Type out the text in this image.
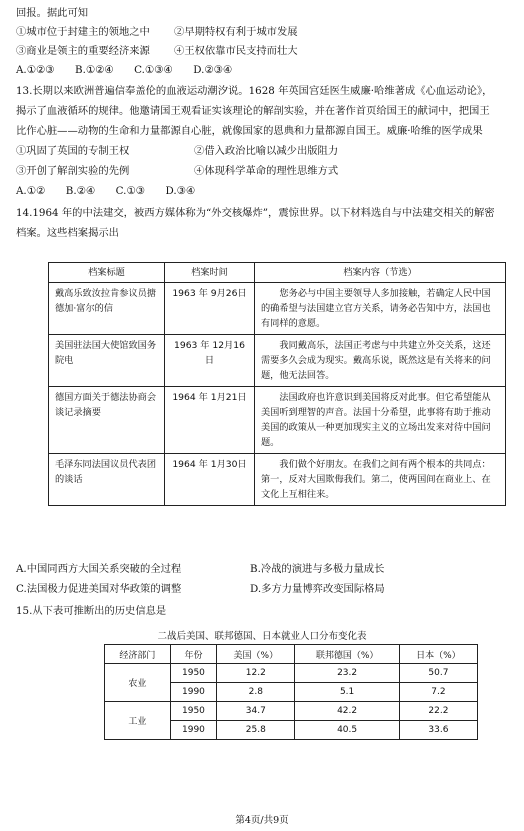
回报。据此可知
①城市位于封建主的领地之中 ②早期特权有利于城市发展
③商业是领主的重要经济来源 ④王权依靠市民支持而壮大
A.①②③　　B.①②④　　C.①③④　　D.②③④
13.长期以来欧洲普遍信奉盖伦的血液运动潮汐说。1628 年英国宫廷医生威廉·哈维著成《心血运动论》，
揭示了血液循环的规律。他邀请国王观看证实该理论的解剖实验，并在著作首页给国王的献词中，把国王
比作心脏——动物的生命和力量都源自心脏，就像国家的恩典和力量都源自国王。威廉·哈维的医学成果
①巩固了英国的专制王权	②借入政治比喻以减少出版阻力
③开创了解剖实验的先例	④体现科学革命的理性思维方式
A.①②　　B.②④　　C.①③　　D.③④
14.1964 年的中法建交，被西方媒体称为“外交核爆炸”，震惊世界。以下材料选自与中法建交相关的解密
档案。这些档案揭示出
档案标题	档案时间	档案内容（节选）
戴高乐致汝拉肯参议员搪德加·富尔的信	1963 年 9月26日	您务必与中国主要领导人多加接触，若确定人民中国的确希望与法国建立官方关系，请务必告知中方，法国也有同样的意愿。
美国驻法国大使馆致国务院电	1963 年 12月16日	我同戴高乐，法国正考虑与中共建立外交关系，这还需要多久会成为现实。戴高乐说，既然这是有关将来的问题，他无法回答。
德国方面关于德法协商会谈记录摘要	1964 年 1月21日	法国政府也许意识到美国将反对此事。但它希望能从美国听到理智的声音。法国十分希望，此事将有助于推动美国的政策从一种更加现实主义的立场出发来对待中国问题。
毛泽东同法国议员代表团的谈话	1964 年 1月30日	我们做个好朋友。在我们之间有两个根本的共同点：第一，反对大国欺侮我们。第二，使两国间在商业上、在文化上互相往来。
A.中国同西方大国关系突破的全过程	B.冷战的演进与多极力量成长
C.法国极力促进美国对华政策的调整	D.多方力量博弈改变国际格局
15.从下表可推断出的历史信息是
二战后美国、联邦德国、日本就业人口分布变化表
经济部门	年份	美国（%）	联邦德国（%）	日本（%）
农业	1950	12.2	23.2	50.7
	1990	2.8	5.1	7.2
工业	1950	34.7	42.2	22.2
	1990	25.8	40.5	33.6
第4页/共9页
